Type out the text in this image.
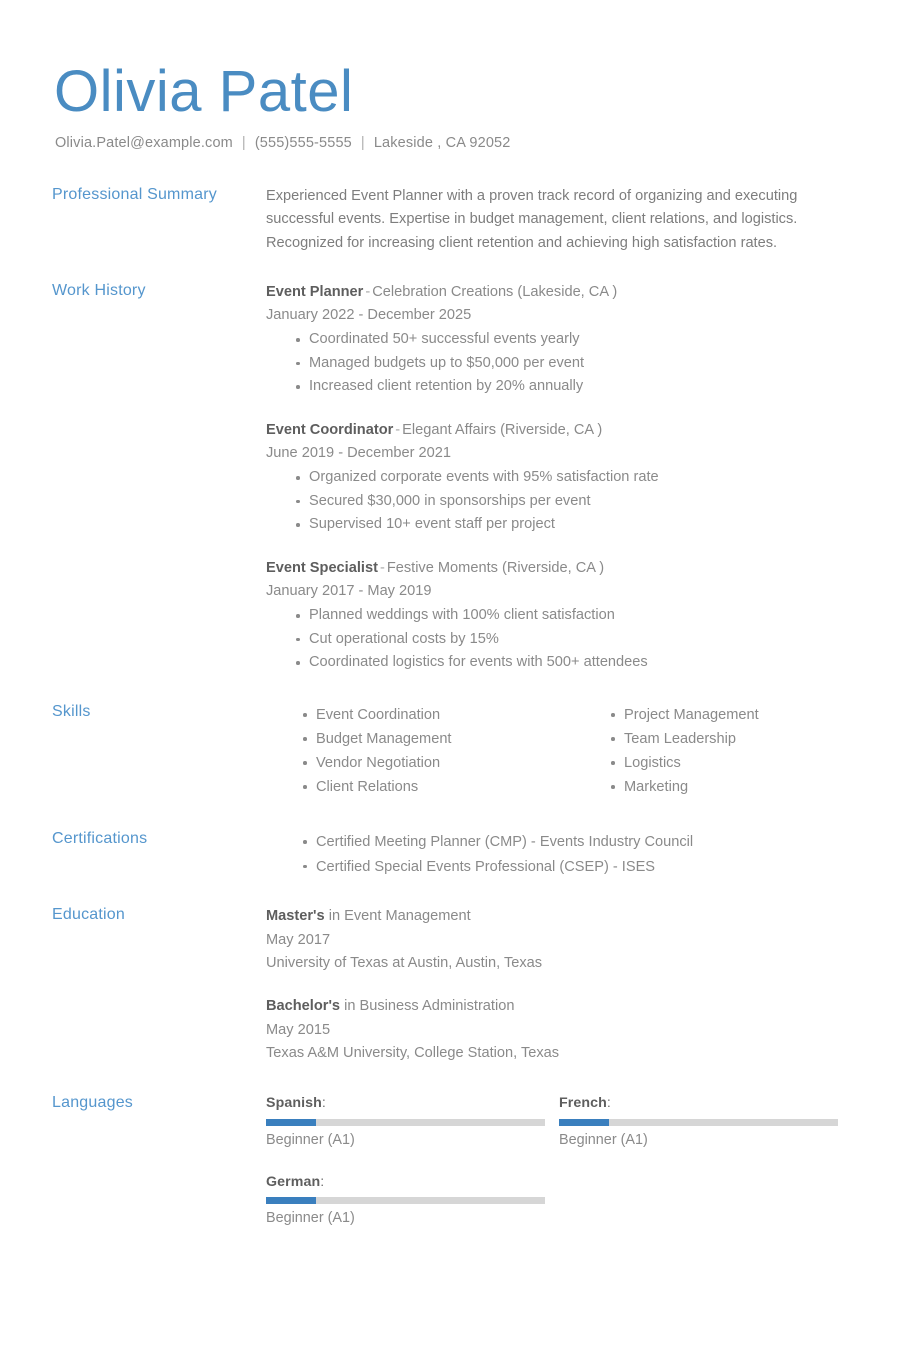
Olivia Patel
Olivia.Patel@example.com | (555)555-5555 | Lakeside , CA 92052
Professional Summary	Experienced Event Planner with a proven track record of organizing and executing successful events. Expertise in budget management, client relations, and logistics. Recognized for increasing client retention and achieving high satisfaction rates.

Work History	Event Planner - Celebration Creations (Lakeside, CA )
January 2022 - December 2025
Coordinated 50+ successful events yearly
Managed budgets up to $50,000 per event
Increased client retention by 20% annually
Event Coordinator - Elegant Affairs (Riverside, CA )
June 2019 - December 2021
Organized corporate events with 95% satisfaction rate
Secured $30,000 in sponsorships per event
Supervised 10+ event staff per project
Event Specialist - Festive Moments (Riverside, CA )
January 2017 - May 2019
Planned weddings with 100% client satisfaction
Cut operational costs by 15%
Coordinated logistics for events with 500+ attendees
Skills	Event Coordination
Budget Management
Vendor Negotiation
Client Relations
Project Management
Team Leadership
Logistics
Marketing
Certifications	Certified Meeting Planner (CMP) - Events Industry Council
Certified Special Events Professional (CSEP) - ISES
Education	Master's in Event Management
May 2017
University of Texas at Austin, Austin, Texas
Bachelor's in Business Administration
May 2015
Texas A&M University, College Station, Texas
Languages	Spanish:
Beginner (A1)
French:
Beginner (A1)
German:
Beginner (A1)
